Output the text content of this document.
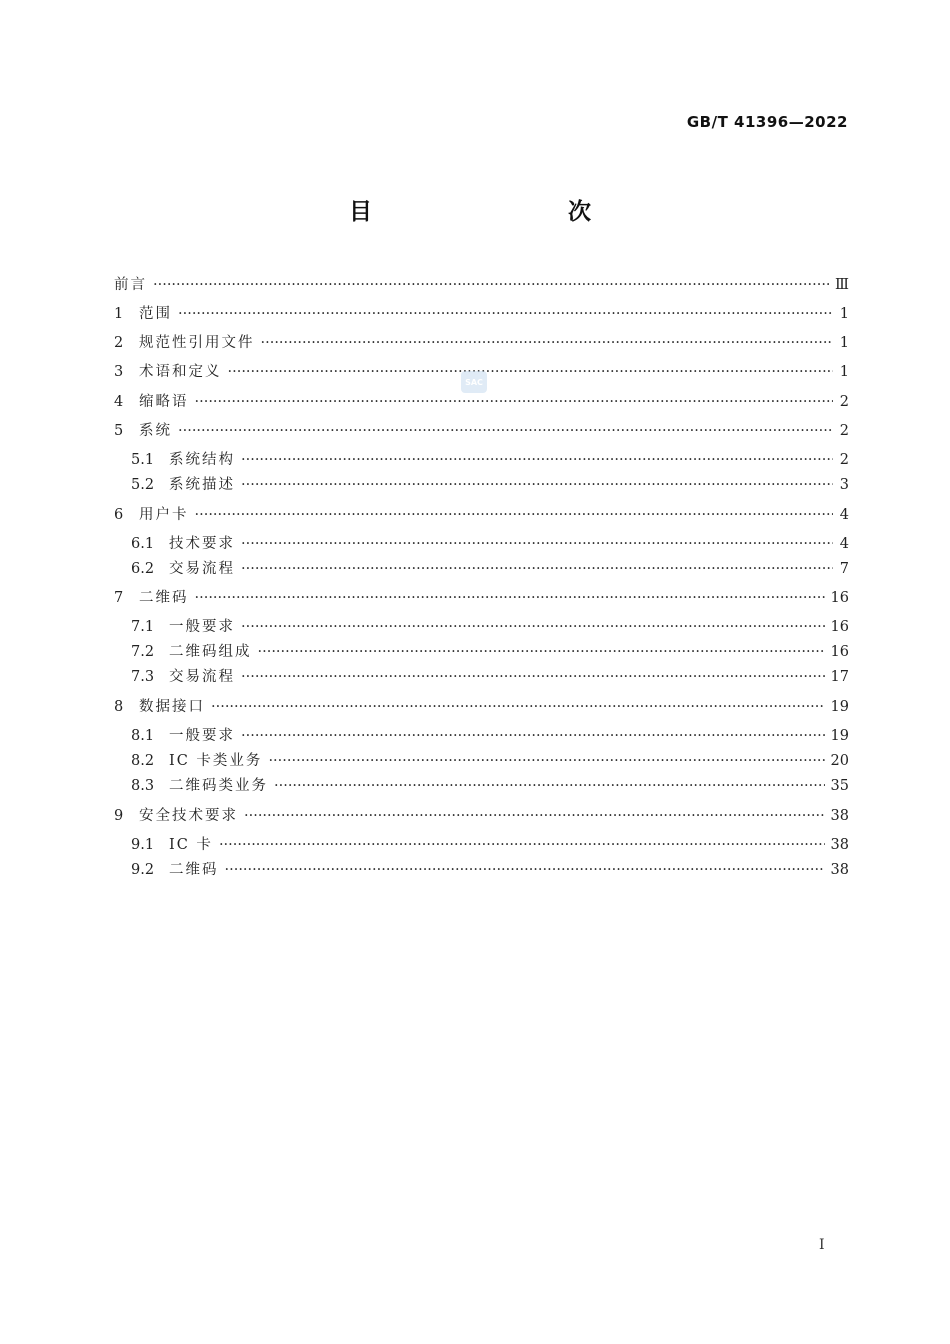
GB/T 41396—2022
目　　次
前言 ·····	Ⅲ
1	范围 ·····	1
2	规范性引用文件 ·····	1
3	术语和定义 ·····	1
4	缩略语 ·····	2
5	系统 ·····	2
5.1	系统结构 ·····	2
5.2	系统描述 ·····	3
6	用户卡 ·····	4
6.1	技术要求 ·····	4
6.2	交易流程 ·····	7
7	二维码 ·····	16
7.1	一般要求 ·····	16
7.2	二维码组成 ·····	16
7.3	交易流程 ·····	17
8	数据接口 ·····	19
8.1	一般要求 ·····	19
8.2	IC 卡类业务 ·····	20
8.3	二维码类业务 ·····	35
9	安全技术要求 ·····	38
9.1	IC 卡 ·····	38
9.2	二维码 ·····	38
SAC
I
